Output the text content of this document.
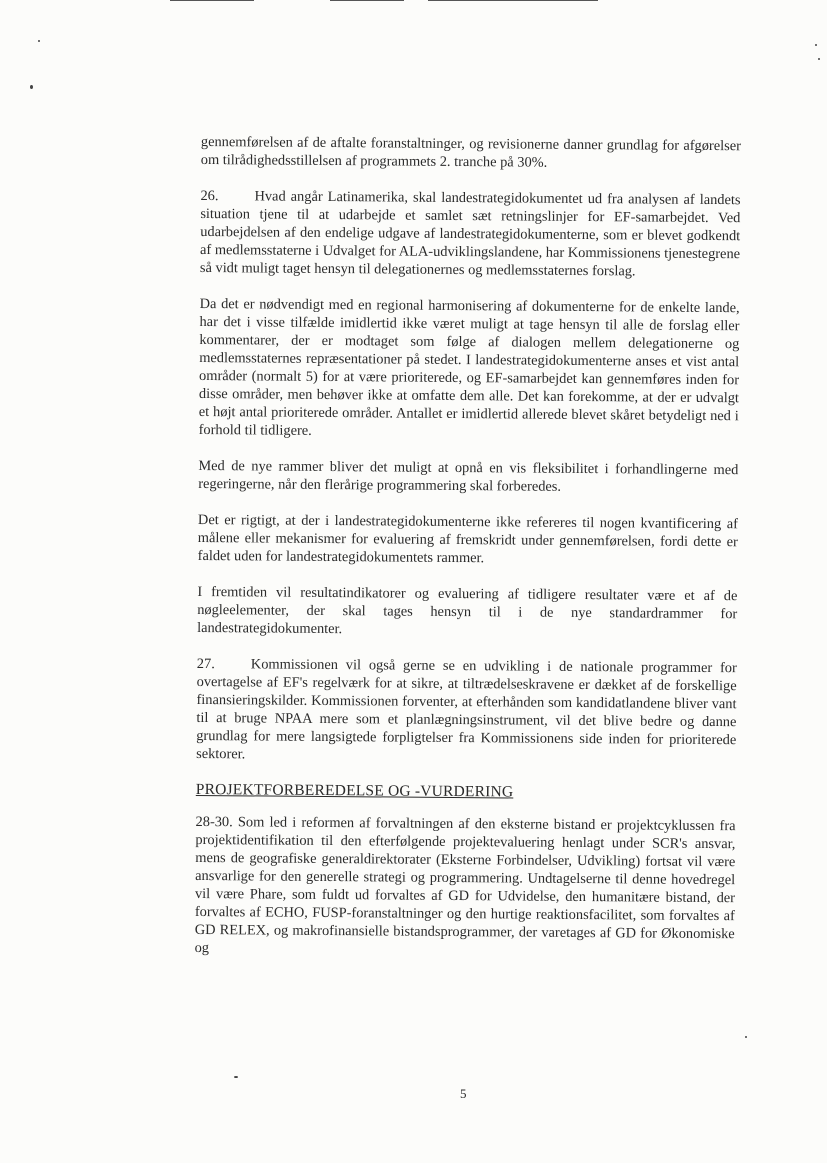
gennemførelsen af de aftalte foranstaltninger, og revisionerne danner grundlag for afgørelser om tilrådighedsstillelsen af programmets 2. tranche på 30%.

26. Hvad angår Latinamerika, skal landestrategidokumentet ud fra analysen af landets situation tjene til at udarbejde et samlet sæt retningslinjer for EF-samarbejdet. Ved udarbejdelsen af den endelige udgave af landestrategidokumenterne, som er blevet godkendt af medlemsstaterne i Udvalget for ALA-udviklingslandene, har Kommissionens tjenestegrene så vidt muligt taget hensyn til delegationernes og medlemsstaternes forslag.

Da det er nødvendigt med en regional harmonisering af dokumenterne for de enkelte lande, har det i visse tilfælde imidlertid ikke været muligt at tage hensyn til alle de forslag eller kommentarer, der er modtaget som følge af dialogen mellem delegationerne og medlemsstaternes repræsentationer på stedet. I landestrategidokumenterne anses et vist antal områder (normalt 5) for at være prioriterede, og EF-samarbejdet kan gennemføres inden for disse områder, men behøver ikke at omfatte dem alle. Det kan forekomme, at der er udvalgt et højt antal prioriterede områder. Antallet er imidlertid allerede blevet skåret betydeligt ned i forhold til tidligere.

Med de nye rammer bliver det muligt at opnå en vis fleksibilitet i forhandlingerne med regeringerne, når den flerårige programmering skal forberedes.

Det er rigtigt, at der i landestrategidokumenterne ikke refereres til nogen kvantificering af målene eller mekanismer for evaluering af fremskridt under gennemførelsen, fordi dette er faldet uden for landestrategidokumentets rammer.

I fremtiden vil resultatindikatorer og evaluering af tidligere resultater være et af de nøgleelementer, der skal tages hensyn til i de nye standardrammer for landestrategidokumenter.

27. Kommissionen vil også gerne se en udvikling i de nationale programmer for overtagelse af EF's regelværk for at sikre, at tiltrædelseskravene er dækket af de forskellige finansieringskilder. Kommissionen forventer, at efterhånden som kandidatlandene bliver vant til at bruge NPAA mere som et planlægningsinstrument, vil det blive bedre og danne grundlag for mere langsigtede forpligtelser fra Kommissionens side inden for prioriterede sektorer.

PROJEKTFORBEREDELSE OG -VURDERING

28-30. Som led i reformen af forvaltningen af den eksterne bistand er projektcyklussen fra projektidentifikation til den efterfølgende projektevaluering henlagt under SCR's ansvar, mens de geografiske generaldirektorater (Eksterne Forbindelser, Udvikling) fortsat vil være ansvarlige for den generelle strategi og programmering. Undtagelserne til denne hovedregel vil være Phare, som fuldt ud forvaltes af GD for Udvidelse, den humanitære bistand, der forvaltes af ECHO, FUSP-foranstaltninger og den hurtige reaktionsfacilitet, som forvaltes af GD RELEX, og makrofinansielle bistandsprogrammer, der varetages af GD for Økonomiske og

5
